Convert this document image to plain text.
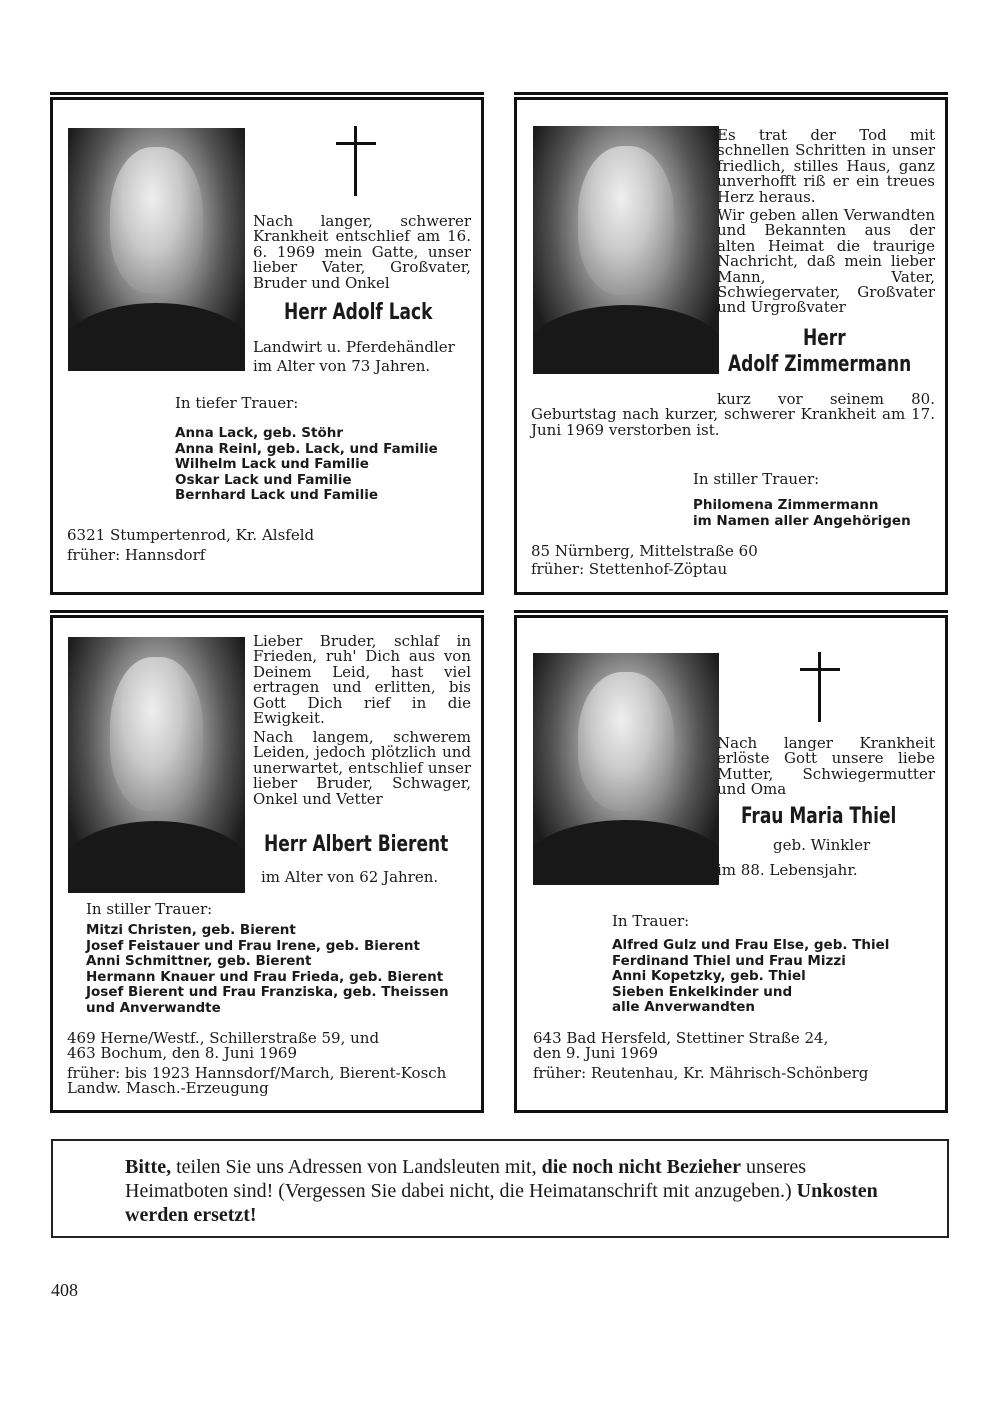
Nach langer, schwerer Krankheit entschlief am 16. 6. 1969 mein Gatte, unser lieber Vater, Großvater, Bruder und Onkel

Herr Adolf Lack

Landwirt u. Pferdehändler

im Alter von 73 Jahren.

In tiefer Trauer:

Anna Lack, geb. Stöhr

Anna Reinl, geb. Lack, und Familie

Wilhelm Lack und Familie

Oskar Lack und Familie

Bernhard Lack und Familie

6321 Stumpertenrod, Kr. Alsfeld

früher: Hannsdorf

Es trat der Tod mit schnellen Schritten in unser friedlich, stilles Haus, ganz unverhofft riß er ein treues Herz heraus.

Wir geben allen Verwandten und Bekannten aus der alten Heimat die traurige Nachricht, daß mein lieber Mann, Vater, Schwiegervater, Großvater und Urgroßvater

Herr
Adolf Zimmermann

kurz vor seinem 80. Geburtstag nach kurzer, schwerer Krankheit am 17. Juni 1969 verstorben ist.

In stiller Trauer:

Philomena Zimmermann

im Namen aller Angehörigen

85 Nürnberg, Mittelstraße 60

früher: Stettenhof-Zöptau

Lieber Bruder, schlaf in Frieden, ruh' Dich aus von Deinem Leid, hast viel ertragen und erlitten, bis Gott Dich rief in die Ewigkeit.

Nach langem, schwerem Leiden, jedoch plötzlich und unerwartet, entschlief unser lieber Bruder, Schwager, Onkel und Vetter

Herr Albert Bierent

im Alter von 62 Jahren.

In stiller Trauer:

Mitzi Christen, geb. Bierent

Josef Feistauer und Frau Irene, geb. Bierent

Anni Schmittner, geb. Bierent

Hermann Knauer und Frau Frieda, geb. Bierent

Josef Bierent und Frau Franziska, geb. Theissen

und Anverwandte

469 Herne/Westf., Schillerstraße 59, und

463 Bochum, den 8. Juni 1969

früher: bis 1923 Hannsdorf/March, Bierent-Kosch

Landw. Masch.-Erzeugung

Nach langer Krankheit erlöste Gott unsere liebe Mutter, Schwiegermutter und Oma

Frau Maria Thiel

geb. Winkler

im 88. Lebensjahr.

In Trauer:

Alfred Gulz und Frau Else, geb. Thiel

Ferdinand Thiel und Frau Mizzi

Anni Kopetzky, geb. Thiel

Sieben Enkelkinder und

alle Anverwandten

643 Bad Hersfeld, Stettiner Straße 24,

den 9. Juni 1969

früher: Reutenhau, Kr. Mährisch-Schönberg

Bitte, teilen Sie uns Adressen von Landsleuten mit, die noch nicht Bezieher unseres Heimatboten sind! (Vergessen Sie dabei nicht, die Heimatanschrift mit anzugeben.) Unkosten werden ersetzt!

408
